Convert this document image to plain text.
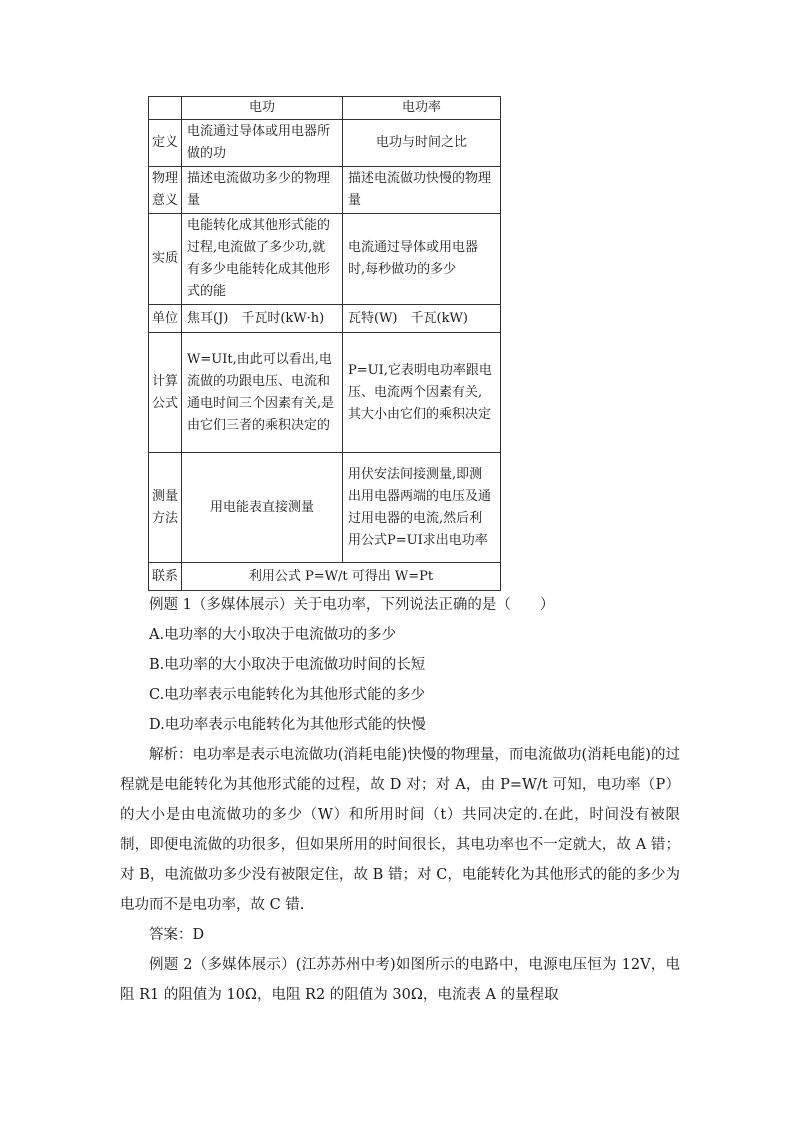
	电功	电功率
定义	电流通过导体或用电器所做的功	电功与时间之比
物理意义	描述电流做功多少的物理量	描述电流做功快慢的物理量
实质	电能转化成其他形式能的过程,电流做了多少功,就有多少电能转化成其他形式的能	电流通过导体或用电器时,每秒做功的多少
单位	焦耳(J)　千瓦时(kW·h)	瓦特(W)　千瓦(kW)
计算公式	W=UIt,由此可以看出,电流做的功跟电压、电流和通电时间三个因素有关,是由它们三者的乘积决定的	P=UI,它表明电功率跟电压、电流两个因素有关,其大小由它们的乘积决定
测量方法	用电能表直接测量	用伏安法间接测量,即测出用电器两端的电压及通过用电器的电流,然后利用公式P=UI求出电功率
联系	利用公式 P=W/t 可得出 W=Pt	

例题 1（多媒体展示）关于电功率，下列说法正确的是（　　）

A.电功率的大小取决于电流做功的多少

B.电功率的大小取决于电流做功时间的长短

C.电功率表示电能转化为其他形式能的多少

D.电功率表示电能转化为其他形式能的快慢

解析：电功率是表示电流做功(消耗电能)快慢的物理量，而电流做功(消耗电能)的过程就是电能转化为其他形式能的过程，故 D 对；对 A，由 P=W/t 可知，电功率（P）的大小是由电流做功的多少（W）和所用时间（t）共同决定的.在此，时间没有被限制，即便电流做的功很多，但如果所用的时间很长，其电功率也不一定就大，故 A 错；对 B，电流做功多少没有被限定住，故 B 错；对 C，电能转化为其他形式的能的多少为电功而不是电功率，故 C 错.

答案：D

例题 2（多媒体展示）(江苏苏州中考)如图所示的电路中，电源电压恒为 12V，电阻 R1 的阻值为 10Ω，电阻 R2 的阻值为 30Ω，电流表 A 的量程取
